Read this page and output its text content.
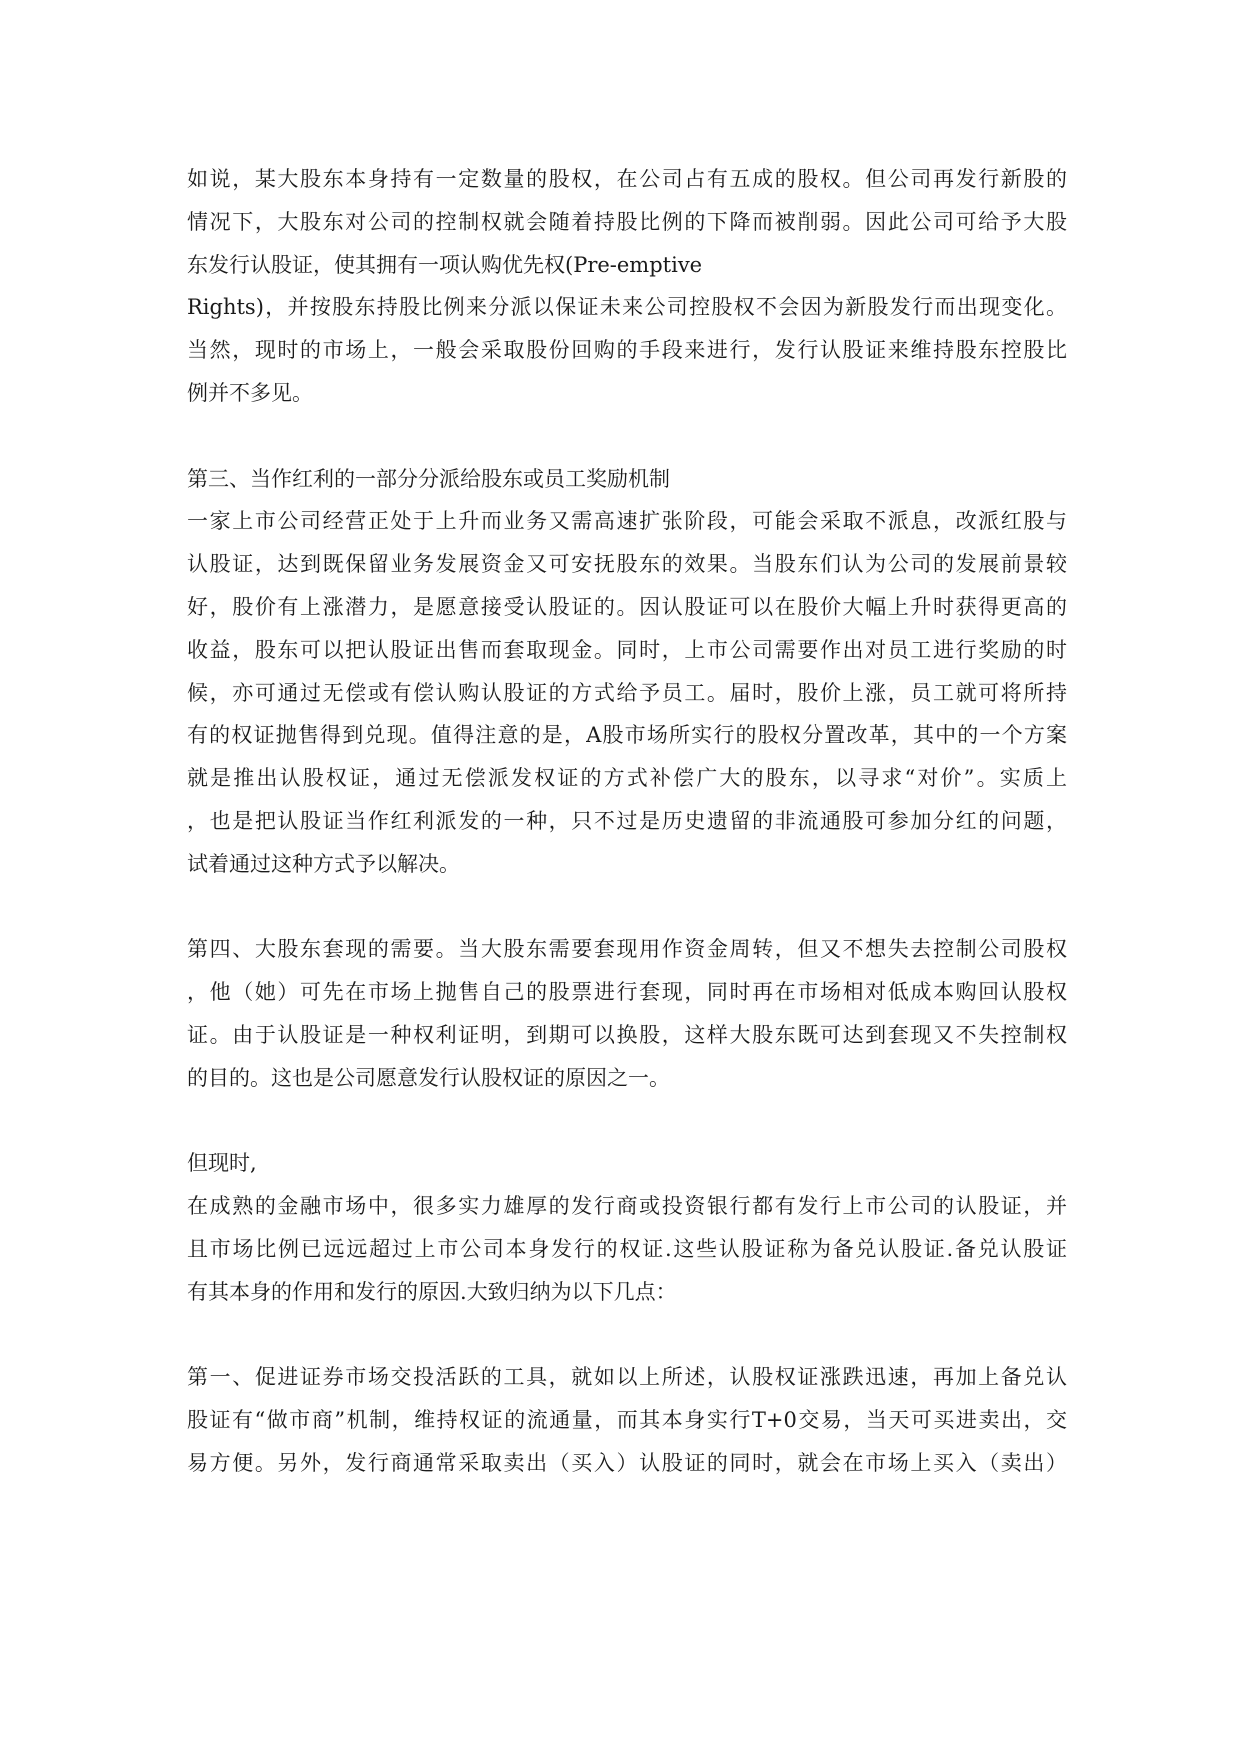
如说，某大股东本身持有一定数量的股权，在公司占有五成的股权。但公司再发行新股的
情况下，大股东对公司的控制权就会随着持股比例的下降而被削弱。因此公司可给予大股
东发行认股证，使其拥有一项认购优先权(Pre-emptive
Rights)，并按股东持股比例来分派以保证未来公司控股权不会因为新股发行而出现变化。
当然，现时的市场上，一般会采取股份回购的手段来进行，发行认股证来维持股东控股比
例并不多见。
第三、当作红利的一部分分派给股东或员工奖励机制
一家上市公司经营正处于上升而业务又需高速扩张阶段，可能会采取不派息，改派红股与
认股证，达到既保留业务发展资金又可安抚股东的效果。当股东们认为公司的发展前景较
好，股价有上涨潜力，是愿意接受认股证的。因认股证可以在股价大幅上升时获得更高的
收益，股东可以把认股证出售而套取现金。同时，上市公司需要作出对员工进行奖励的时
候，亦可通过无偿或有偿认购认股证的方式给予员工。届时，股价上涨，员工就可将所持
有的权证抛售得到兑现。值得注意的是，A股市场所实行的股权分置改革，其中的一个方案
就是推出认股权证，通过无偿派发权证的方式补偿广大的股东，以寻求“对价”。实质上
，也是把认股证当作红利派发的一种，只不过是历史遗留的非流通股可参加分红的问题，
试着通过这种方式予以解决。
第四、大股东套现的需要。当大股东需要套现用作资金周转，但又不想失去控制公司股权
，他（她）可先在市场上抛售自己的股票进行套现，同时再在市场相对低成本购回认股权
证。由于认股证是一种权利证明，到期可以换股，这样大股东既可达到套现又不失控制权
的目的。这也是公司愿意发行认股权证的原因之一。
但现时,
在成熟的金融市场中，很多实力雄厚的发行商或投资银行都有发行上市公司的认股证，并
且市场比例已远远超过上市公司本身发行的权证.这些认股证称为备兑认股证.备兑认股证
有其本身的作用和发行的原因.大致归纳为以下几点：
第一、促进证券市场交投活跃的工具，就如以上所述，认股权证涨跌迅速，再加上备兑认
股证有“做市商”机制，维持权证的流通量，而其本身实行T+0交易，当天可买进卖出，交
易方便。另外，发行商通常采取卖出（买入）认股证的同时，就会在市场上买入（卖出）
